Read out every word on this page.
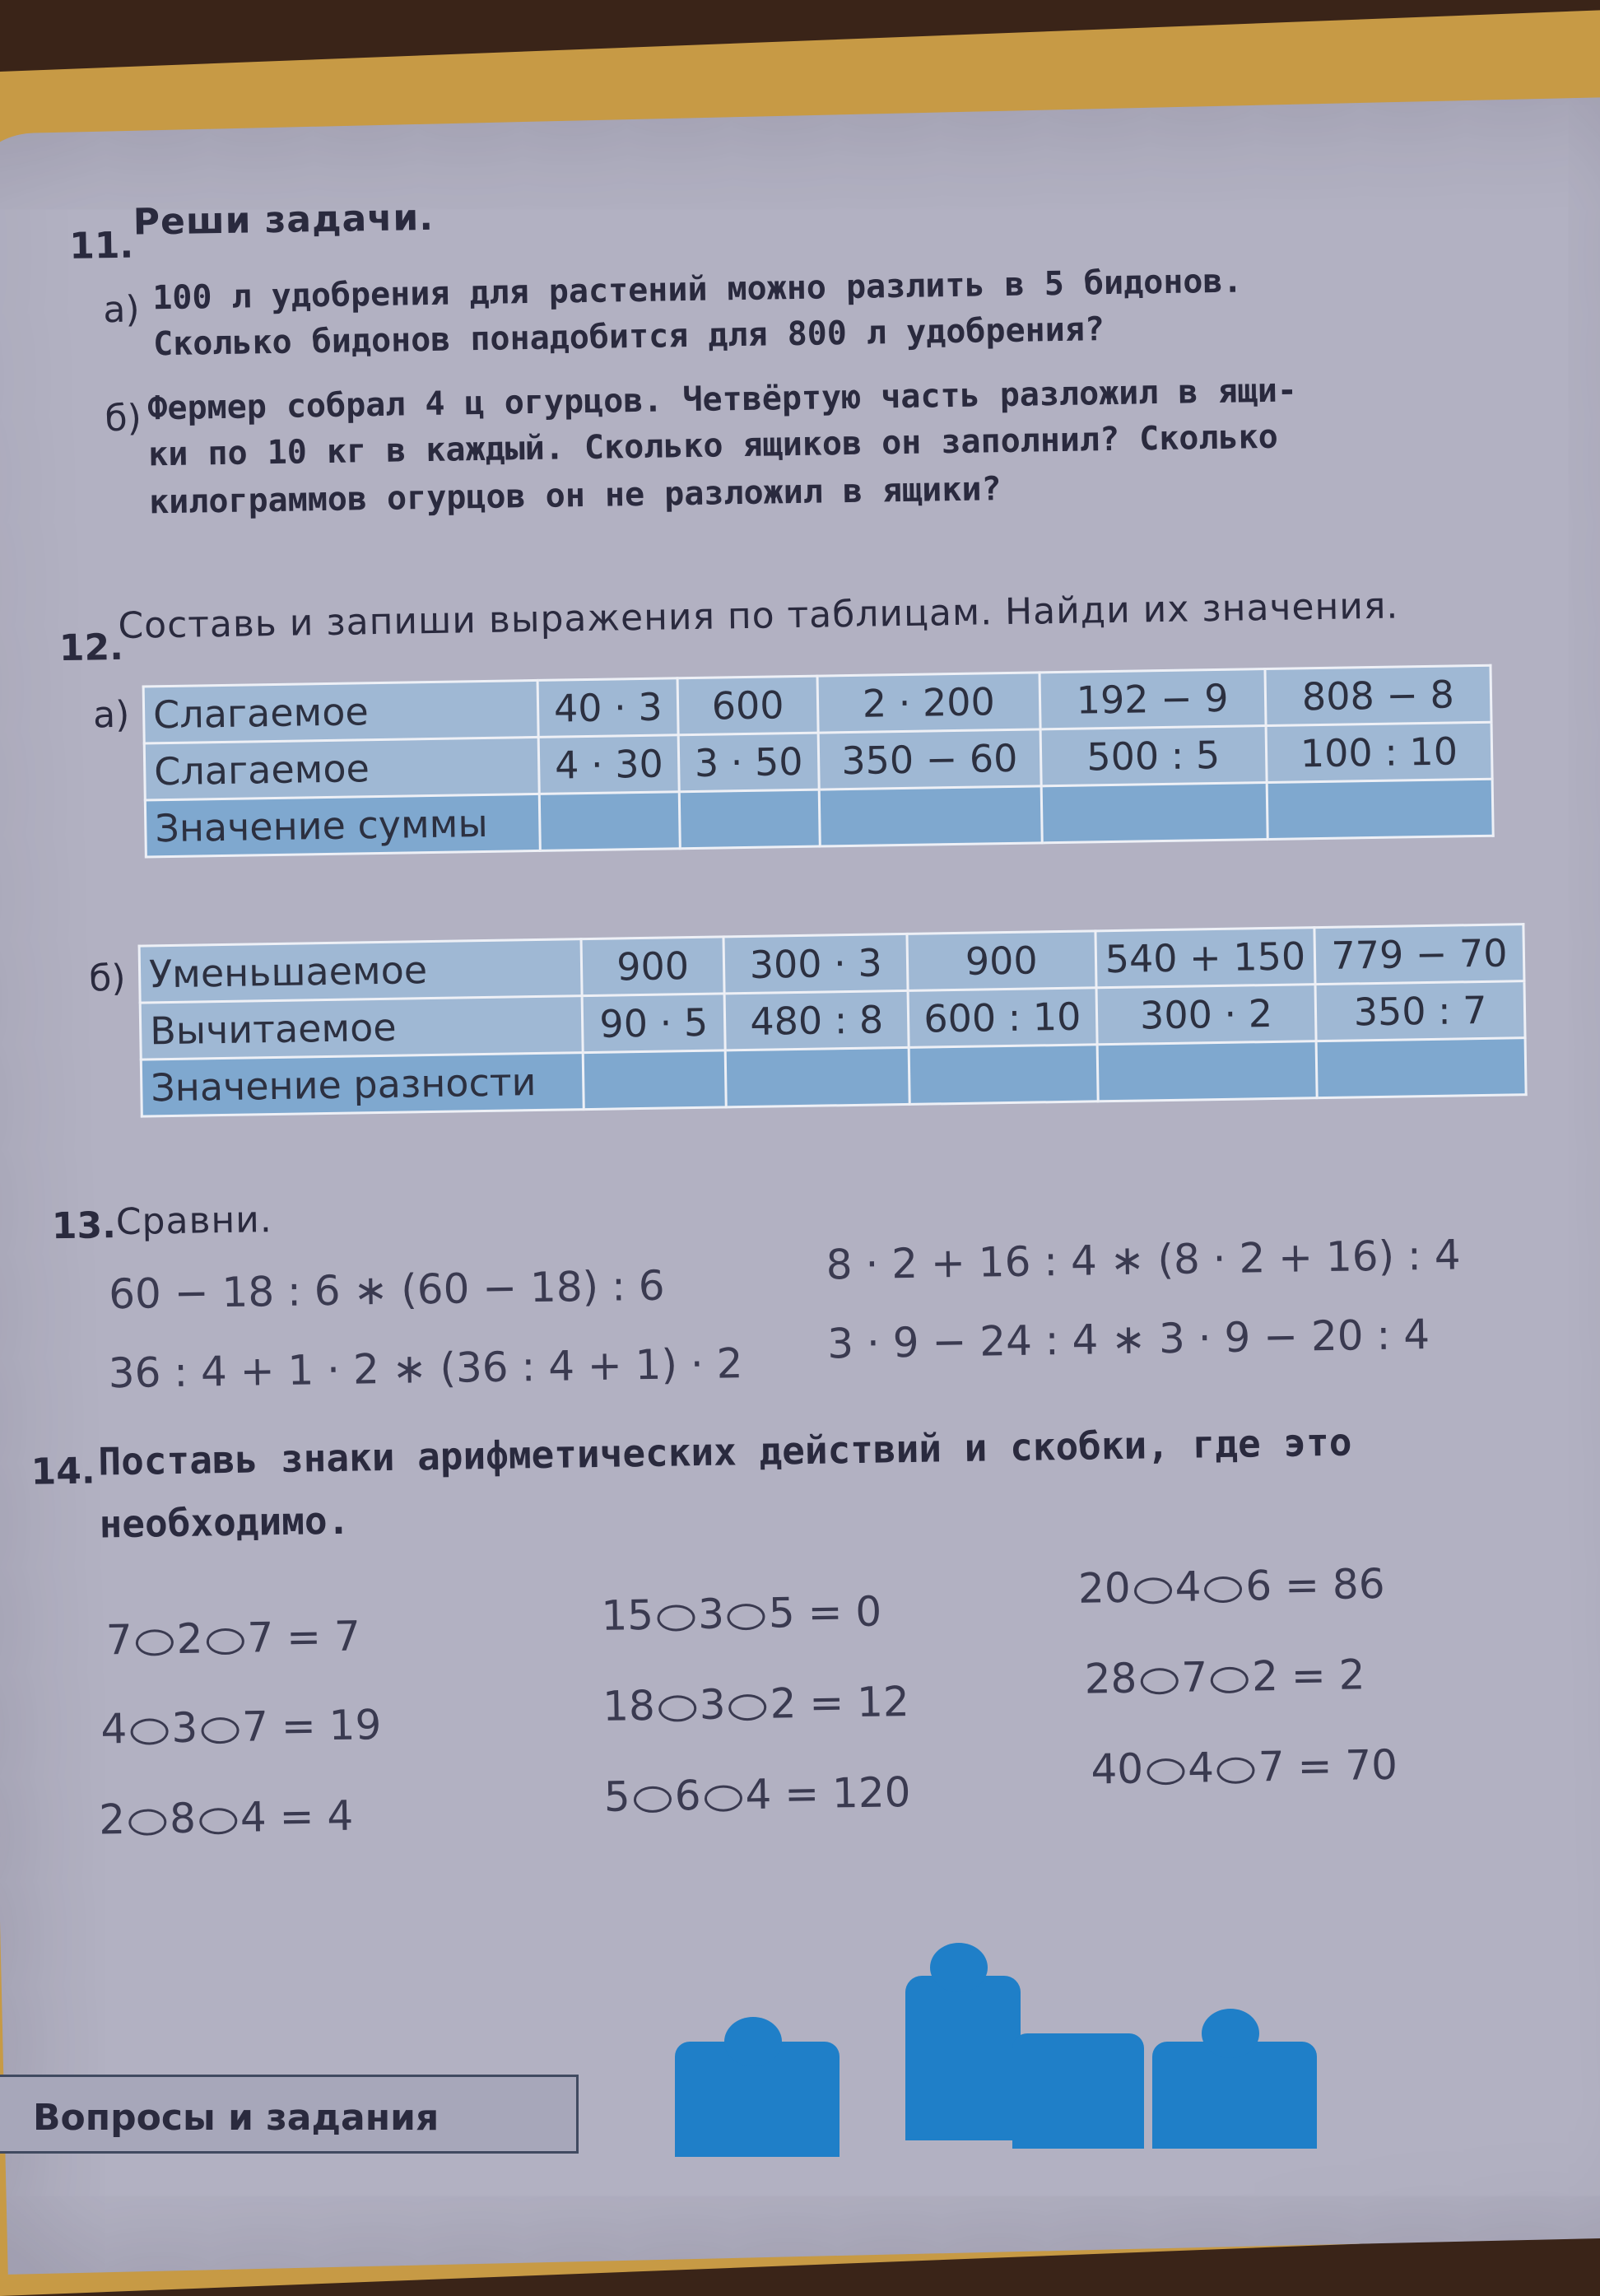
11.
Реши задачи.
а) 100 л удобрения для растений можно разлить в 5 бидонов.
Сколько бидонов понадобится для 800 л удобрения?
б) Фермер собрал 4 ц огурцов. Четвёртую часть разложил в ящи-
ки по 10 кг в каждый. Сколько ящиков он заполнил? Сколько
килограммов огурцов он не разложил в ящики?
12.
Составь и запиши выражения по таблицам. Найди их значения.
а) Слагаемое	40 · 3	600	2 · 200	192 − 9	808 − 8
Слагаемое	4 · 30	3 · 50	350 − 60	500 : 5	100 : 10
Значение суммы					
б) Уменьшаемое	900	300 · 3	900	540 + 150	779 − 70
Вычитаемое	90 · 5	480 : 8	600 : 10	300 · 2	350 : 7
Значение разности					
13. Сравни.
60 − 18 : 6 ∗ (60 − 18) : 6
8 · 2 + 16 : 4 ∗ (8 · 2 + 16) : 4
36 : 4 + 1 · 2 ∗ (36 : 4 + 1) · 2
3 · 9 − 24 : 4 ∗ 3 · 9 − 20 : 4
14. Поставь знаки арифметических действий и скобки, где это
необходимо.
7 2 7 = 7
4 3 7 = 19
2 8 4 = 4
15 3 5 = 0
18 3 2 = 12
5 6 4 = 120
20 4 6 = 86
28 7 2 = 2
40 4 7 = 70
Вопросы и задания
